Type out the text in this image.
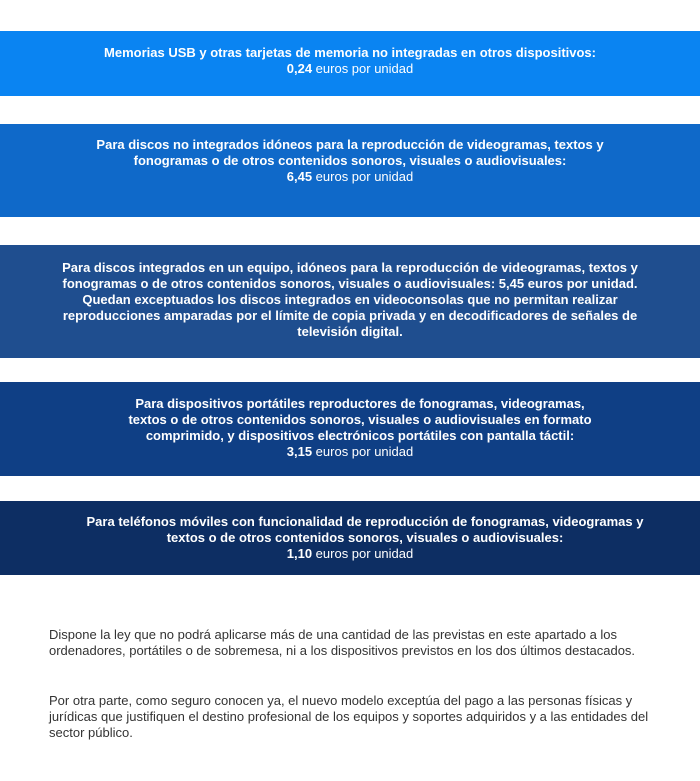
Memorias USB y otras tarjetas de memoria no integradas en otros dispositivos:

0,24 euros por unidad

Para discos no integrados idóneos para la reproducción de videogramas, textos y fonogramas o de otros contenidos sonoros, visuales o audiovisuales:

6,45 euros por unidad

Para discos integrados en un equipo, idóneos para la reproducción de videogramas, textos y fonogramas o de otros contenidos sonoros, visuales o audiovisuales: 5,45 euros por unidad. Quedan exceptuados los discos integrados en videoconsolas que no permitan realizar reproducciones amparadas por el límite de copia privada y en decodificadores de señales de televisión digital.

Para dispositivos portátiles reproductores de fonogramas, videogramas, textos o de otros contenidos sonoros, visuales o audiovisuales en formato comprimido, y dispositivos electrónicos portátiles con pantalla táctil:

3,15 euros por unidad

Para teléfonos móviles con funcionalidad de reproducción de fonogramas, videogramas y textos o de otros contenidos sonoros, visuales o audiovisuales:

1,10 euros por unidad

Dispone la ley que no podrá aplicarse más de una cantidad de las previstas en este apartado a los ordenadores, portátiles o de sobremesa, ni a los dispositivos previstos en los dos últimos destacados.

Por otra parte, como seguro conocen ya, el nuevo modelo exceptúa del pago a las personas físicas y jurídicas que justifiquen el destino profesional de los equipos y soportes adquiridos y a las entidades del sector público.
